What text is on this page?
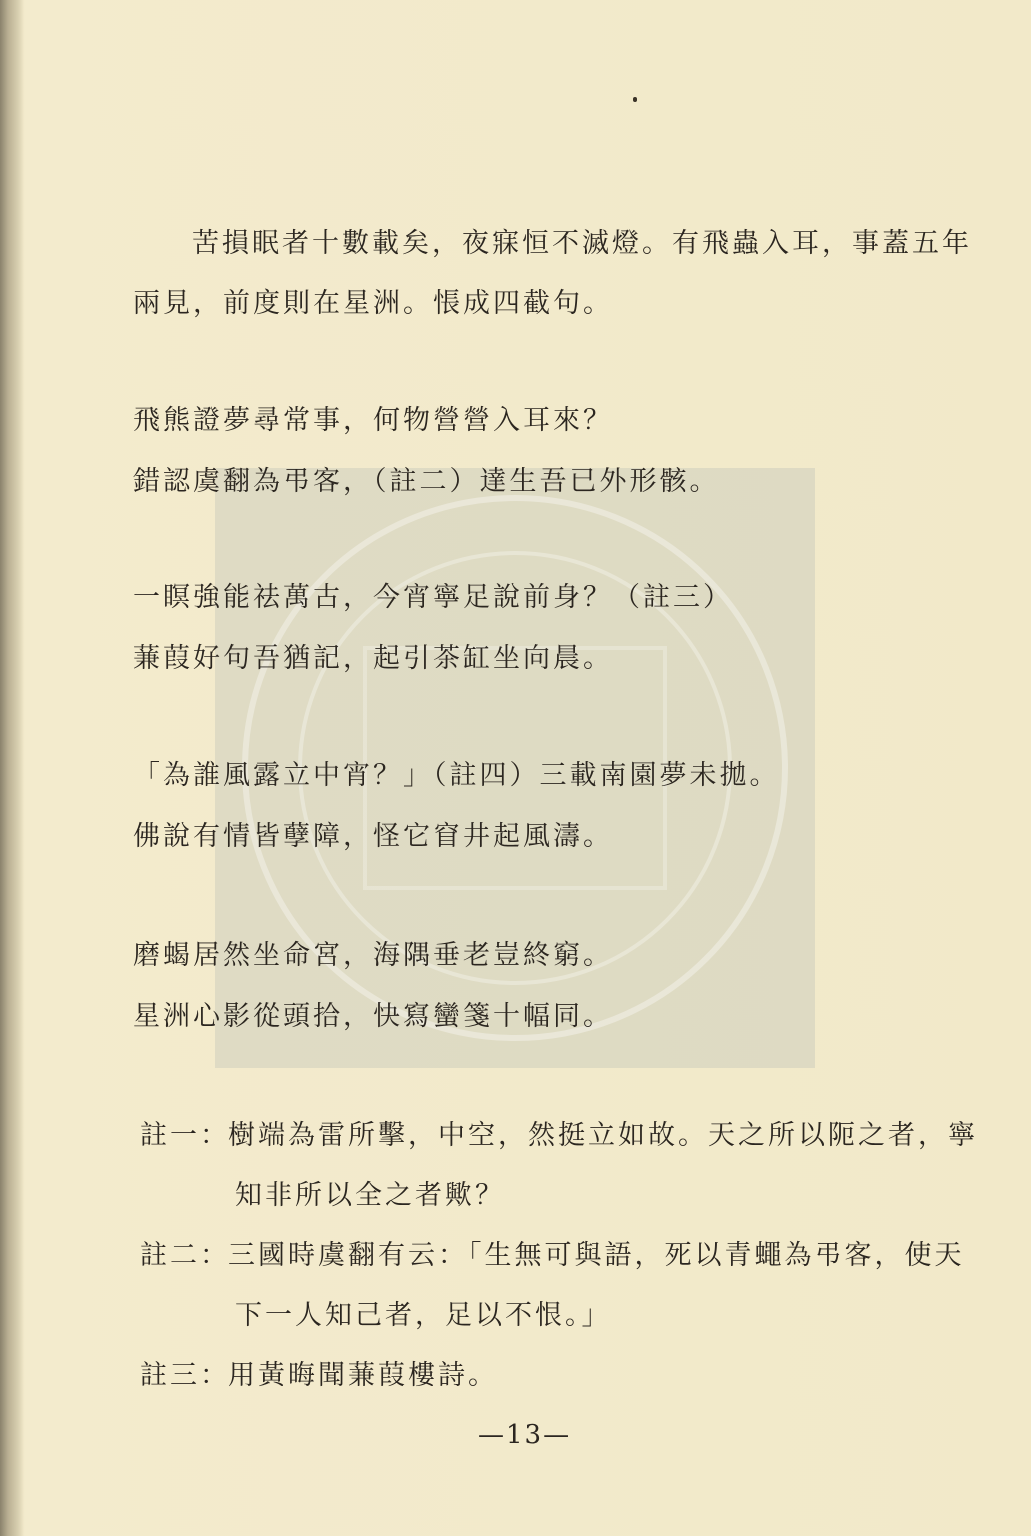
苦損眠者十數載矣，夜寐恒不滅燈。有飛蟲入耳，事蓋五年
兩見，前度則在星洲。悵成四截句。
飛熊證夢尋常事，何物營營入耳來？
錯認虞翻為弔客，（註二）達生吾已外形骸。
一瞑強能祛萬古，今宵寧足說前身？（註三）
蒹葭好句吾猶記，起引茶缸坐向晨。
「為誰風露立中宵？」（註四）三載南園夢未拋。
佛說有情皆孽障，怪它窅井起風濤。
磨蝎居然坐命宮，海隅垂老豈終窮。
星洲心影從頭拾，快寫蠻箋十幅同。
註一：
樹端為雷所擊，中空，然挺立如故。天之所以阨之者，寧
知非所以全之者歟？
註二：
三國時虞翻有云：「生無可與語，死以青蠅為弔客，使天
下一人知己者，足以不恨。」
註三：
用黃晦聞蒹葭樓詩。
—13—
